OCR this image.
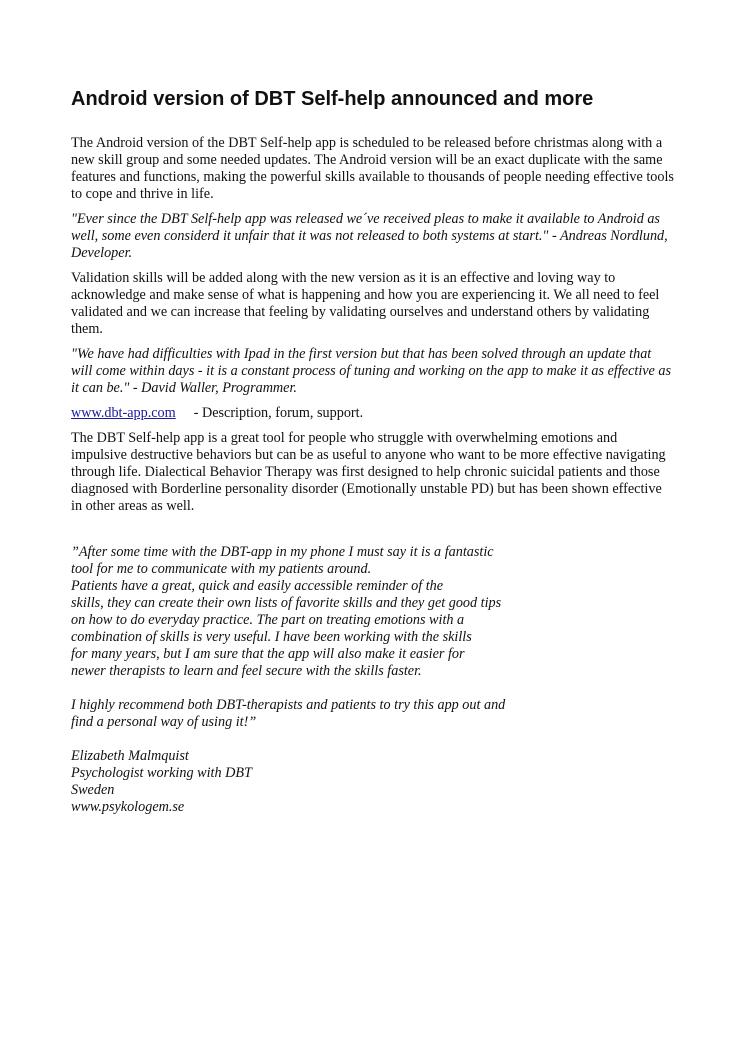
Android version of DBT Self-help announced and more

The Android version of the DBT Self-help app is scheduled to be released before christmas along with a new skill group and some needed updates. The Android version will be an exact duplicate with the same features and functions, making the powerful skills available to thousands of people needing effective tools to cope and thrive in life.

"Ever since the DBT Self-help app was released we´ve received pleas to make it available to Android as well, some even considerd it unfair that it was not released to both systems at start." - Andreas Nordlund, Developer.

Validation skills will be added along with the new version as it is an effective and loving way to acknowledge and make sense of what is happening and how you are experiencing it. We all need to feel validated and we can increase that feeling by validating ourselves and understand others by validating them.

"We have had difficulties with Ipad in the first version but that has been solved through an update that will come within days - it is a constant process of tuning and working on the app to make it as effective as it can be." - David Waller, Programmer.

www.dbt-app.com - Description, forum, support.

The DBT Self-help app is a great tool for people who struggle with overwhelming emotions and impulsive destructive behaviors but can be as useful to anyone who want to be more effective navigating through life. Dialectical Behavior Therapy was first designed to help chronic suicidal patients and those diagnosed with Borderline personality disorder (Emotionally unstable PD) but has been shown effective in other areas as well.

”After some time with the DBT-app in my phone I must say it is a fantastic
tool for me to communicate with my patients around.
Patients have a great, quick and easily accessible reminder of the
skills, they can create their own lists of favorite skills and they get good tips
on how to do everyday practice. The part on treating emotions with a
combination of skills is very useful. I have been working with the skills
for many years, but I am sure that the app will also make it easier for
newer therapists to learn and feel secure with the skills faster.
I highly recommend both DBT-therapists and patients to try this app out and
find a personal way of using it!”
Elizabeth Malmquist
Psychologist working with DBT
Sweden
www.psykologem.se
